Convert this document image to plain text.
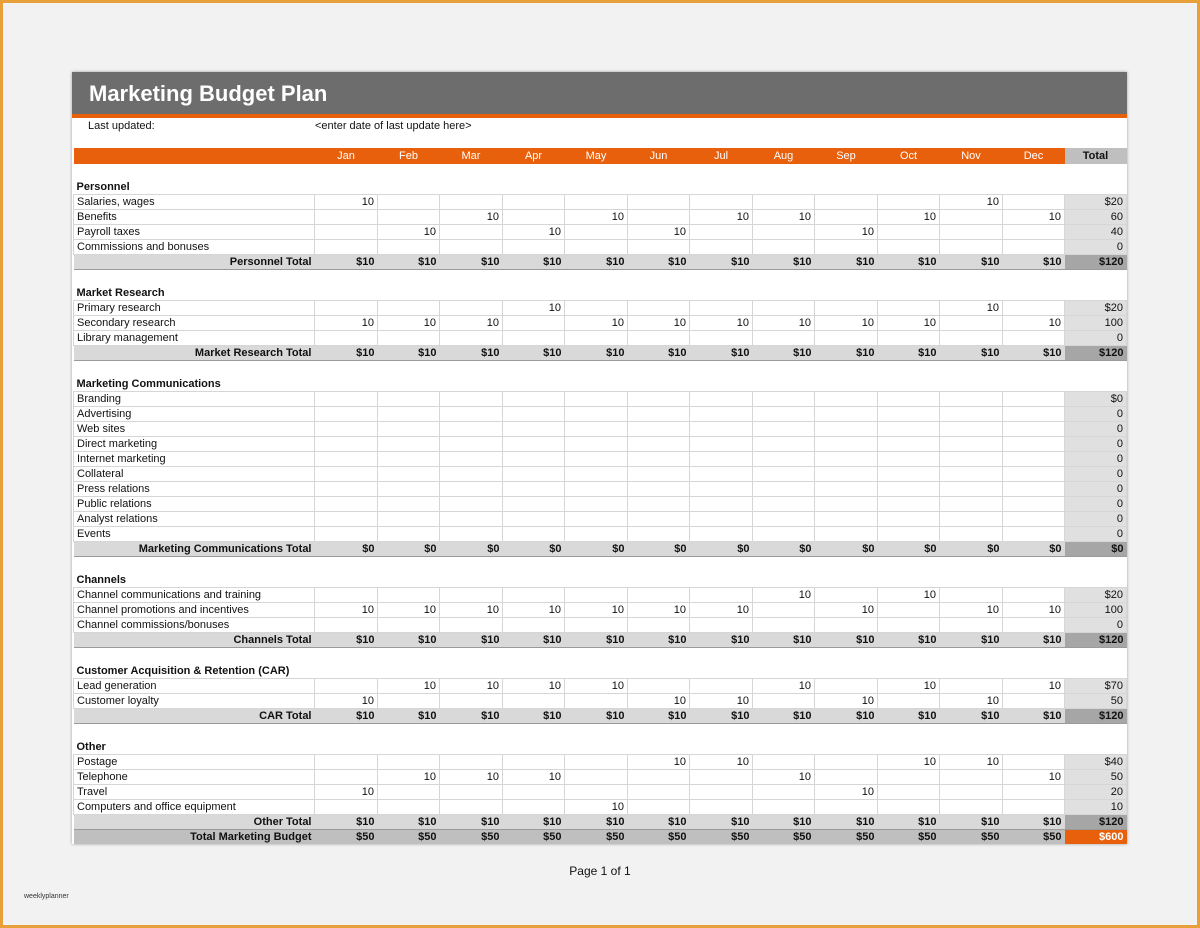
Marketing Budget Plan
Last updated:	<enter date of last update here>
	Jan	Feb	Mar	Apr	May	Jun	Jul	Aug	Sep	Oct	Nov	Dec	Total

Personnel													
Salaries, wages	10										10		$20
Benefits			10		10		10	10		10		10	60
Payroll taxes		10		10		10			10				40
Commissions and bonuses													0
Personnel Total	$10	$10	$10	$10	$10	$10	$10	$10	$10	$10	$10	$10	$120

Market Research													
Primary research				10							10		$20
Secondary research	10	10	10		10	10	10	10	10	10		10	100
Library management													0
Market Research Total	$10	$10	$10	$10	$10	$10	$10	$10	$10	$10	$10	$10	$120

Marketing Communications													
Branding													$0
Advertising													0
Web sites													0
Direct marketing													0
Internet marketing													0
Collateral													0
Press relations													0
Public relations													0
Analyst relations													0
Events													0
Marketing Communications Total	$0	$0	$0	$0	$0	$0	$0	$0	$0	$0	$0	$0	$0

Channels													
Channel communications and training								10		10			$20
Channel promotions and incentives	10	10	10	10	10	10	10		10		10	10	100
Channel commissions/bonuses													0
Channels Total	$10	$10	$10	$10	$10	$10	$10	$10	$10	$10	$10	$10	$120

Customer Acquisition & Retention (CAR)													
Lead generation		10	10	10	10			10		10		10	$70
Customer loyalty	10					10	10		10		10		50
CAR Total	$10	$10	$10	$10	$10	$10	$10	$10	$10	$10	$10	$10	$120

Other													
Postage						10	10			10	10		$40
Telephone		10	10	10				10				10	50
Travel	10								10				20
Computers and office equipment					10								10
Other Total	$10	$10	$10	$10	$10	$10	$10	$10	$10	$10	$10	$10	$120
Total Marketing Budget	$50	$50	$50	$50	$50	$50	$50	$50	$50	$50	$50	$50	$600
Page 1 of 1
weeklyplanner
